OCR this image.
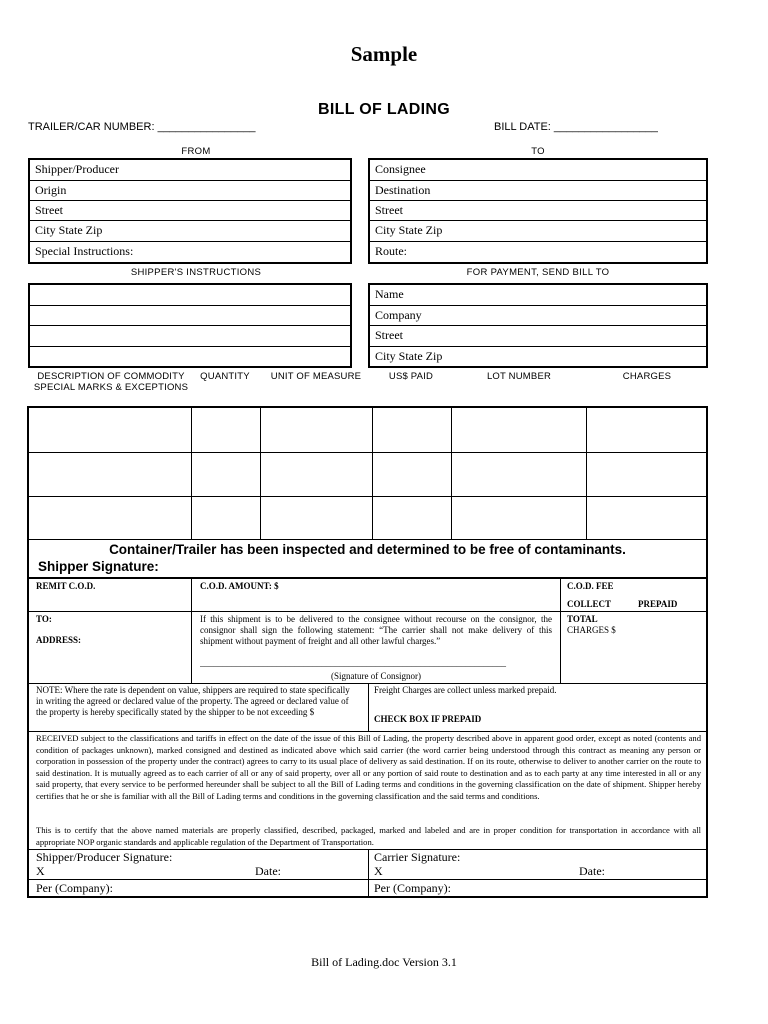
Sample
BILL OF LADING
TRAILER/CAR NUMBER: ________________	BILL DATE: _________________
FROM	TO
Shipper/Producer
Origin
Street
City State Zip
Special Instructions:
Consignee
Destination
Street
City State Zip
Route:
SHIPPER'S INSTRUCTIONS	FOR PAYMENT, SEND BILL TO
Name
Company
Street
City State Zip
DESCRIPTION OF COMMODITY SPECIAL MARKS & EXCEPTIONS
QUANTITY	UNIT OF MEASURE	US$ PAID	LOT NUMBER	CHARGES
Container/Trailer has been inspected and determined to be free of contaminants.
Shipper Signature:
REMIT C.O.D.	C.O.D. AMOUNT: $	C.O.D. FEE
COLLECT	PREPAID
TO:
ADDRESS:
If this shipment is to be delivered to the consignee without recourse on the consignor, the consignor shall sign the following statement: “The carrier shall not make delivery of this shipment without payment of freight and all other lawful charges.”
____________________________________________________________________
(Signature of Consignor)
TOTAL
CHARGES $
NOTE: Where the rate is dependent on value, shippers are required to state specifically in writing the agreed or declared value of the property. The agreed or declared value of the property is hereby specifically stated by the shipper to be not exceeding $
Freight Charges are collect unless marked prepaid.
CHECK BOX IF PREPAID
RECEIVED subject to the classifications and tariffs in effect on the date of the issue of this Bill of Lading, the property described above in apparent good order, except as noted (contents and condition of packages unknown), marked consigned and destined as indicated above which said carrier (the word carrier being understood through this contract as meaning any person or corporation in possession of the property under the contract) agrees to carry to its usual place of delivery as said destination. If on its route, otherwise to deliver to another carrier on the route to said destination. It is mutually agreed as to each carrier of all or any of said property, over all or any portion of said route to destination and as to each party at any time interested in all or any said property, that every service to be performed hereunder shall be subject to all the Bill of Lading terms and conditions in the governing classification on the date of shipment. Shipper hereby certifies that he or she is familiar with all the Bill of Lading terms and conditions in the governing classification and the said terms and conditions.
This is to certify that the above named materials are properly classified, described, packaged, marked and labeled and are in proper condition for transportation in accordance with all appropriate NOP organic standards and applicable regulation of the Department of Transportation.
Shipper/Producer Signature:
X	Date:
Carrier Signature:
X	Date:
Per (Company):	Per (Company):
Bill of Lading.doc Version 3.1
